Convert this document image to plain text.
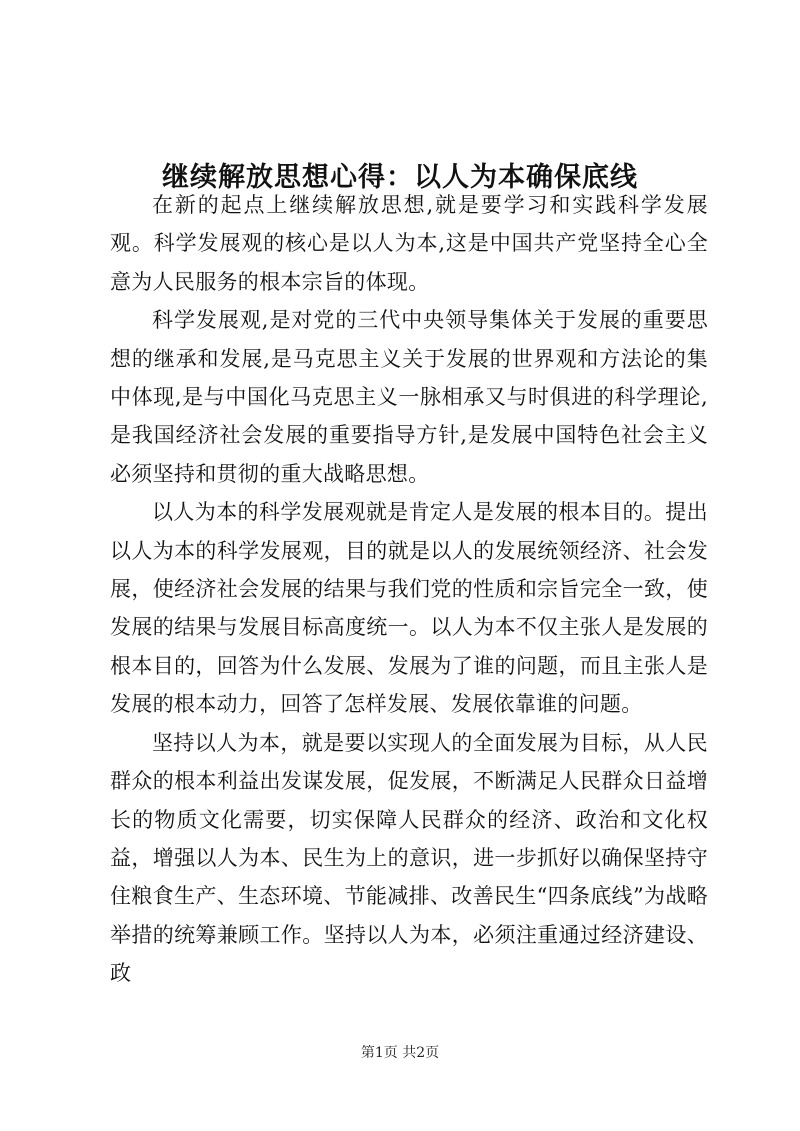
继续解放思想心得：以人为本确保底线

在新的起点上继续解放思想,就是要学习和实践科学发展观。科学发展观的核心是以人为本,这是中国共产党坚持全心全意为人民服务的根本宗旨的体现。

科学发展观,是对党的三代中央领导集体关于发展的重要思想的继承和发展,是马克思主义关于发展的世界观和方法论的集中体现,是与中国化马克思主义一脉相承又与时俱进的科学理论,是我国经济社会发展的重要指导方针,是发展中国特色社会主义必须坚持和贯彻的重大战略思想。

以人为本的科学发展观就是肯定人是发展的根本目的。提出以人为本的科学发展观，目的就是以人的发展统领经济、社会发展，使经济社会发展的结果与我们党的性质和宗旨完全一致，使发展的结果与发展目标高度统一。以人为本不仅主张人是发展的根本目的，回答为什么发展、发展为了谁的问题，而且主张人是发展的根本动力，回答了怎样发展、发展依靠谁的问题。

坚持以人为本，就是要以实现人的全面发展为目标，从人民群众的根本利益出发谋发展，促发展，不断满足人民群众日益增长的物质文化需要，切实保障人民群众的经济、政治和文化权益，增强以人为本、民生为上的意识，进一步抓好以确保坚持守住粮食生产、生态环境、节能减排、改善民生“四条底线”为战略举措的统筹兼顾工作。坚持以人为本，必须注重通过经济建设、政

第1页 共2页
